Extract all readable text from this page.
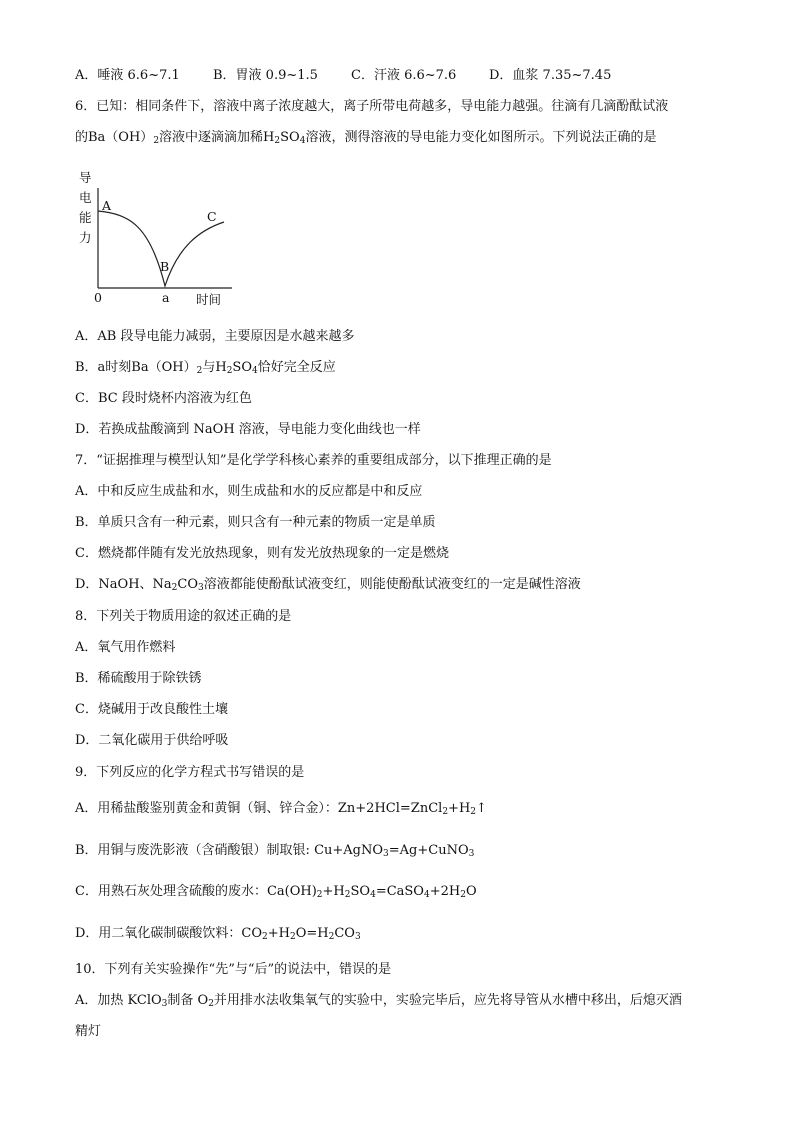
A．唾液 6.6~7.1	B．胃液 0.9~1.5	C．汗液 6.6~7.6	D．血浆 7.35~7.45
6．已知：相同条件下，溶液中离子浓度越大，离子所带电荷越多，导电能力越强。往滴有几滴酚酞试液
的$Ba(OH)_2$溶液中逐滴滴加稀$H_2SO_4$溶液，测得溶液的导电能力变化如图所示。下列说法正确的是
导
电
能
力
A
B
C
0	a 时间
A．AB 段导电能力减弱，主要原因是水越来越多
B．a时刻$Ba(OH)_2$与$H_2SO_4$恰好完全反应
C．BC 段时烧杯内溶液为红色
D．若换成盐酸滴到 NaOH 溶液，导电能力变化曲线也一样
7．“证据推理与模型认知”是化学学科核心素养的重要组成部分，以下推理正确的是
A．中和反应生成盐和水，则生成盐和水的反应都是中和反应
B．单质只含有一种元素，则只含有一种元素的物质一定是单质
C．燃烧都伴随有发光放热现象，则有发光放热现象的一定是燃烧
D．NaOH、$Na_2CO_3$溶液都能使酚酞试液变红，则能使酚酞试液变红的一定是碱性溶液
8．下列关于物质用途的叙述正确的是
A．氧气用作燃料
B．稀硫酸用于除铁锈
C．烧碱用于改良酸性土壤
D．二氧化碳用于供给呼吸
9．下列反应的化学方程式书写错误的是
A．用稀盐酸鉴别黄金和黄铜（铜、锌合金）：$Zn+2HCl=ZnCl_2+H_2↑$
B．用铜与废洗影液（含硝酸银）制取银: Cu+AgNO$_3$=Ag+CuNO$_3$
C．用熟石灰处理含硫酸的废水：$Ca(OH)_2+H_2SO_4=CaSO_4+2H_2O$
D．用二氧化碳制碳酸饮料：$CO_2+H_2O=H_2CO_3$
10．下列有关实验操作“先”与“后”的说法中，错误的是
A．加热 KClO$_3$制备 $O_2$并用排水法收集氧气的实验中，实验完毕后，应先将导管从水槽中移出，后熄灭酒
精灯
